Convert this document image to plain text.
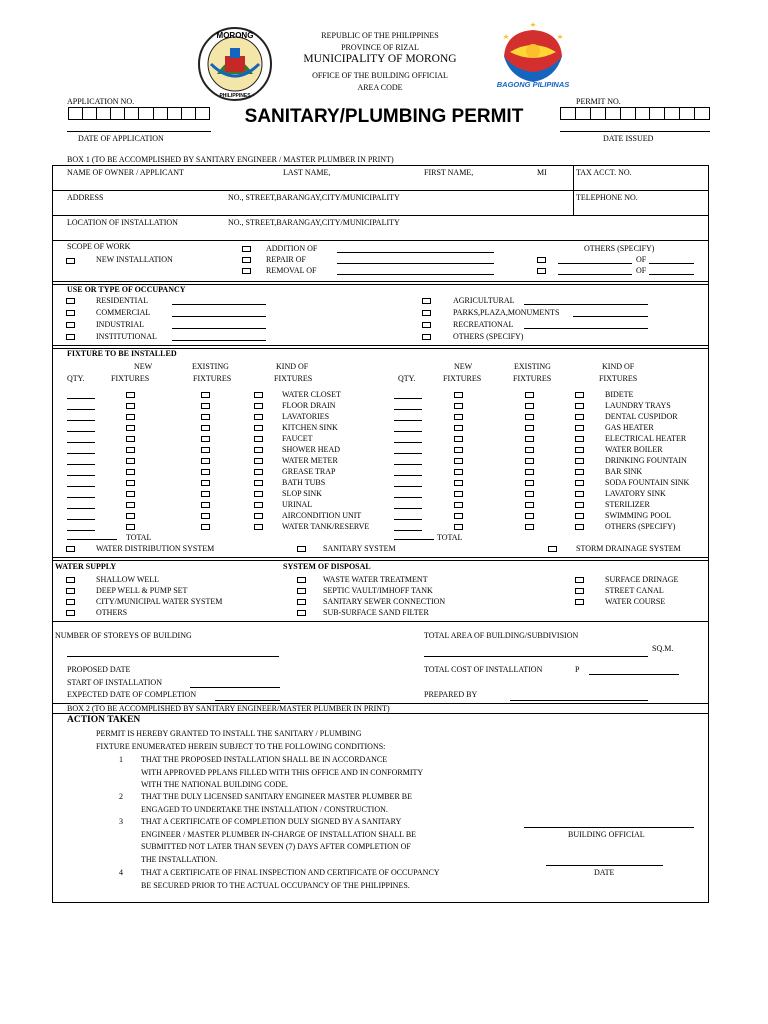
MORONG
PHILIPPINES
REPUBLIC OF THE PHILIPPINES
PROVINCE OF RIZAL
MUNICIPALITY OF MORONG
OFFICE OF THE BUILDING OFFICIAL
AREA CODE	BAGONG PILIPINAS
APPLICATION NO.
SANITARY/PLUMBING PERMIT
PERMIT NO.
DATE OF APPLICATION	DATE ISSUED
BOX 1 (TO BE ACCOMPLISHED BY SANITARY ENGINEER / MASTER PLUMBER IN PRINT)
NAME OF OWNER / APPLICANT	LAST NAME,	FIRST NAME,	MI	TAX ACCT. NO.
ADDRESS	NO., STREET,BARANGAY,CITY/MUNICIPALITY	TELEPHONE NO.
LOCATION OF INSTALLATION	NO., STREET,BARANGAY,CITY/MUNICIPALITY
SCOPE OF WORK
NEW INSTALLATION
ADDITION OF
REPAIR OF
REMOVAL OF
OTHERS (SPECIFY)
OF
OF
USE OR TYPE OF OCCUPANCY
RESIDENTIAL
COMMERCIAL
INDUSTRIAL
INSTITUTIONAL
AGRICULTURAL
PARKS,PLAZA,MONUMENTS
RECREATIONAL
OTHERS (SPECIFY)
FIXTURE TO BE INSTALLED
NEW	EXISTING	KIND OF
QTY.	FIXTURES	FIXTURES	FIXTURES
NEW	EXISTING	KIND OF
QTY.	FIXTURES	FIXTURES	FIXTURES
WATER CLOSET
FLOOR DRAIN
LAVATORIES
KITCHEN SINK
FAUCET
SHOWER HEAD
WATER METER
GREASE TRAP
BATH TUBS
SLOP SINK
URINAL
AIRCONDITION UNIT
WATER TANK/RESERVE
BIDETE
LAUNDRY TRAYS
DENTAL CUSPIDOR
GAS HEATER
ELECTRICAL HEATER
WATER BOILER
DRINKING FOUNTAIN
BAR SINK
SODA FOUNTAIN SINK
LAVATORY SINK
STERILIZER
SWIMMING POOL
OTHERS (SPECIFY)
TOTAL	TOTAL
WATER DISTRIBUTION SYSTEM	SANITARY SYSTEM	STORM DRAINAGE SYSTEM
WATER SUPPLY	SYSTEM OF DISPOSAL
SHALLOW WELL
DEEP WELL & PUMP SET
CITY/MUNICIPAL WATER SYSTEM
OTHERS
WASTE WATER TREATMENT
SEPTIC VAULT/IMHOFF TANK
SANITARY SEWER CONNECTION
SUB-SURFACE SAND FILTER
SURFACE DRINAGE
STREET CANAL
WATER COURSE
NUMBER OF STOREYS OF BUILDING	TOTAL AREA OF BUILDING/SUBDIVISION
SQ.M.
PROPOSED DATE
START OF INSTALLATION
EXPECTED DATE OF COMPLETION
TOTAL COST OF INSTALLATION	P
PREPARED BY
BOX 2 (TO BE ACCOMPLISHED BY SANITARY ENGINEER/MASTER PLUMBER IN PRINT)
ACTION TAKEN
PERMIT IS HEREBY GRANTED TO INSTALL THE SANITARY / PLUMBING
FIXTURE ENUMERATED HEREIN SUBJECT TO THE FOLLOWING CONDITIONS:
1 THAT THE PROPOSED INSTALLATION SHALL BE IN ACCORDANCE
WITH APPROVED PPLANS FILLED WITH THIS OFFICE AND IN CONFORMITY
WITH THE NATIONAL BUILDING CODE.
2 THAT THE DULY LICENSED SANITARY ENGINEER MASTER PLUMBER BE
ENGAGED TO UNDERTAKE THE INSTALLATION / CONSTRUCTION.
3 THAT A CERTIFICATE OF COMPLETION DULY SIGNED BY A SANITARY
ENGINEER / MASTER PLUMBER IN-CHARGE OF INSTALLATION SHALL BE
SUBMITTED NOT LATER THAN SEVEN (7) DAYS AFTER COMPLETION OF
THE INSTALLATION.
4 THAT A CERTIFICATE OF FINAL INSPECTION AND CERTIFICATE OF OCCUPANCY
BE SECURED PRIOR TO THE ACTUAL OCCUPANCY OF THE PHILIPPINES.
BUILDING OFFICIAL
DATE
